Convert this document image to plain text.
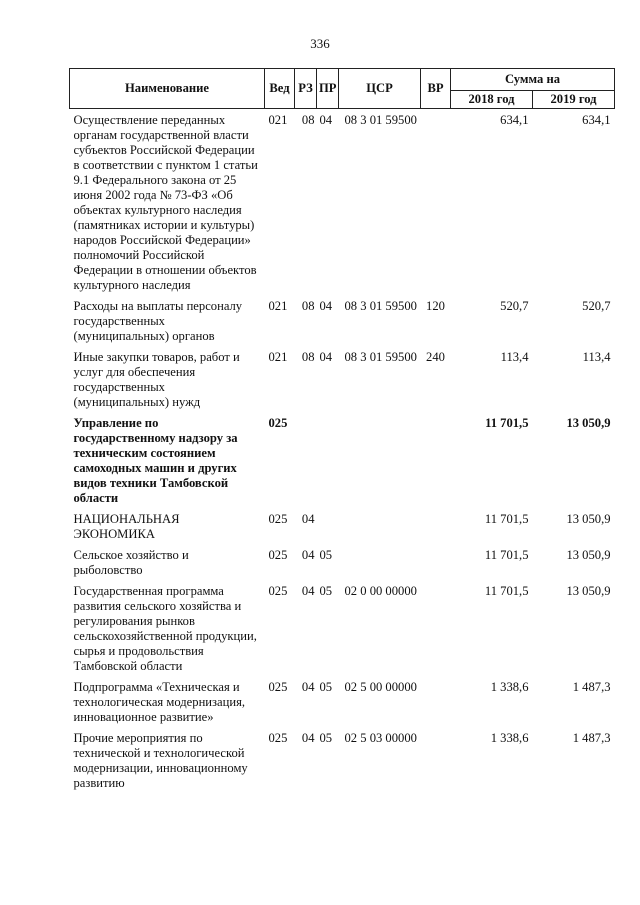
336
Наименование	Вед	РЗ	ПР	ЦСР	ВР	Сумма на	
						2018 год	2019 год
Осуществление переданных органам государственной власти субъектов Российской Федерации в соответствии с пунктом 1 статьи 9.1 Федерального закона от 25 июня 2002 года № 73-ФЗ «Об объектах культурного наследия (памятниках истории и культуры) народов Российской Федерации» полномочий Российской Федерации в отношении объектов культурного наследия	021	08	04	08 3 01 59500		634,1	634,1
Расходы на выплаты персоналу государственных (муниципальных) органов	021	08	04	08 3 01 59500	120	520,7	520,7
Иные закупки товаров, работ и услуг для обеспечения государственных (муниципальных) нужд	021	08	04	08 3 01 59500	240	113,4	113,4
Управление по государственному надзору за техническим состоянием самоходных машин и других видов техники Тамбовской области	025					11 701,5	13 050,9
НАЦИОНАЛЬНАЯ ЭКОНОМИКА	025	04				11 701,5	13 050,9
Сельское хозяйство и рыболовство	025	04	05			11 701,5	13 050,9
Государственная программа развития сельского хозяйства и регулирования рынков сельскохозяйственной продукции, сырья и продовольствия Тамбовской области	025	04	05	02 0 00 00000		11 701,5	13 050,9
Подпрограмма «Техническая и технологическая модернизация, инновационное развитие»	025	04	05	02 5 00 00000		1 338,6	1 487,3
Прочие мероприятия по технической и технологической модернизации, инновационному развитию	025	04	05	02 5 03 00000		1 338,6	1 487,3
